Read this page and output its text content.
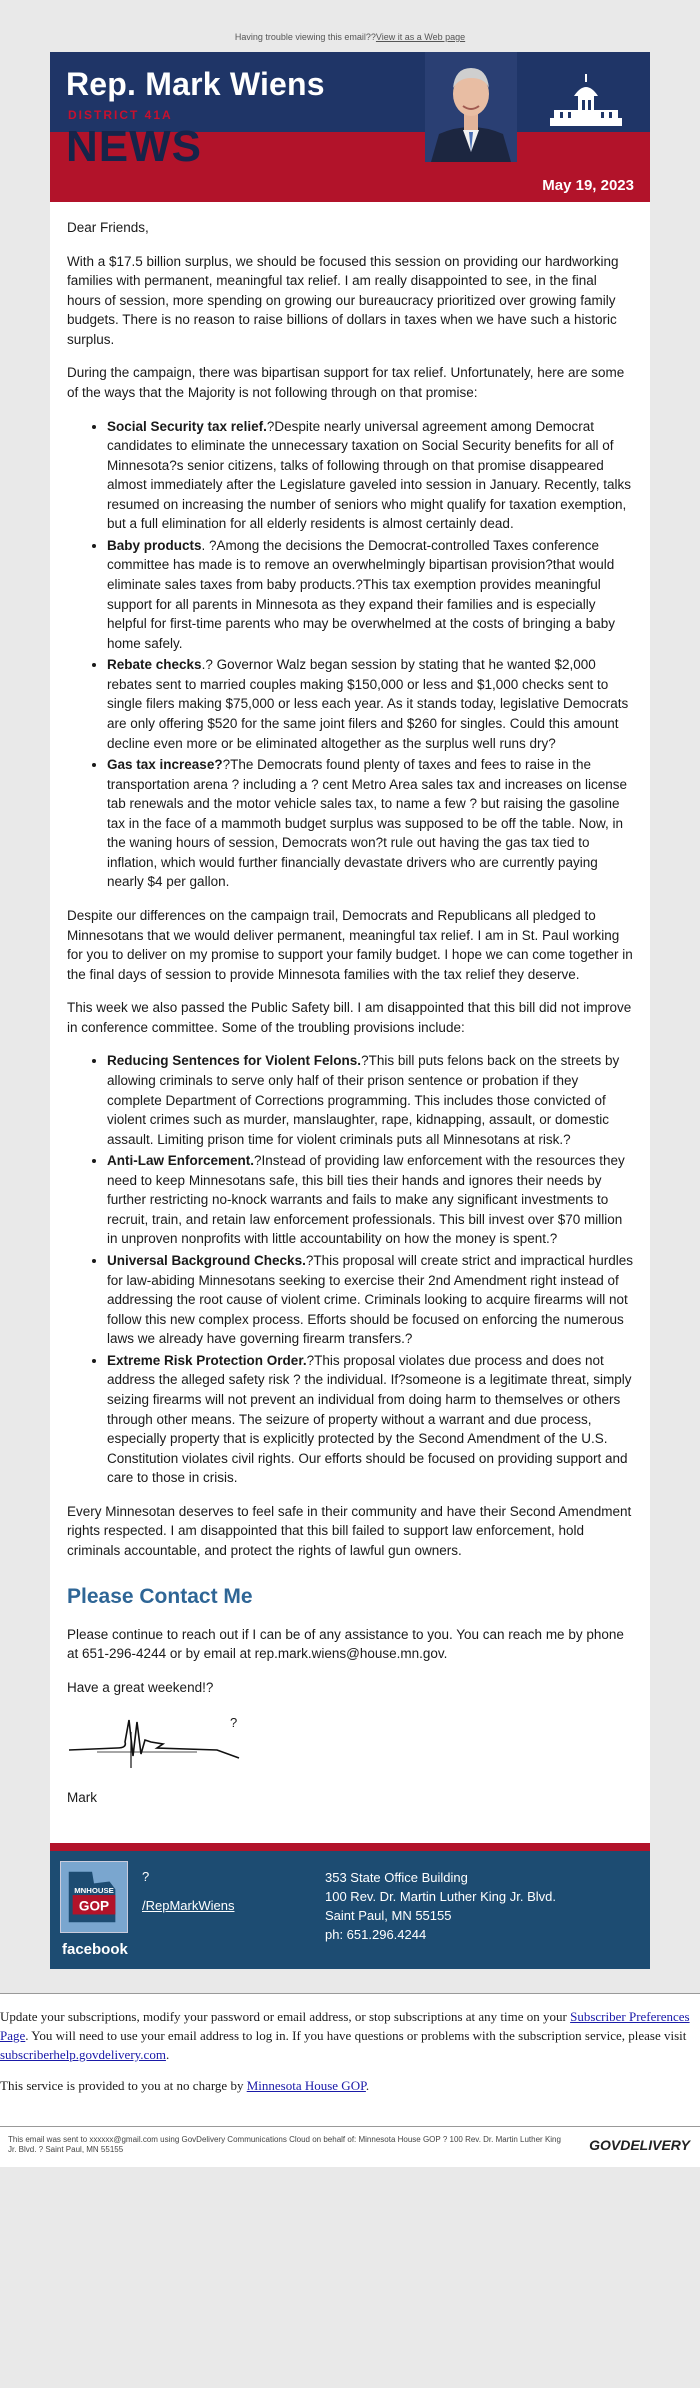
Having trouble viewing this email??View it as a Web page
Rep. Mark Wiens
DISTRICT 41A
NEWS
May 19, 2023

Dear Friends,

With a $17.5 billion surplus, we should be focused this session on providing our hardworking families with permanent, meaningful tax relief. I am really disappointed to see, in the final hours of session, more spending on growing our bureaucracy prioritized over growing family budgets. There is no reason to raise billions of dollars in taxes when we have such a historic surplus.

During the campaign, there was bipartisan support for tax relief. Unfortunately, here are some of the ways that the Majority is not following through on that promise:

• Social Security tax relief.?Despite nearly universal agreement among Democrat candidates to eliminate the unnecessary taxation on Social Security benefits for all of Minnesota?s senior citizens, talks of following through on that promise disappeared almost immediately after the Legislature gaveled into session in January. Recently, talks resumed on increasing the number of seniors who might qualify for taxation exemption, but a full elimination for all elderly residents is almost certainly dead.
• Baby products. ?Among the decisions the Democrat-controlled Taxes conference committee has made is to remove an overwhelmingly bipartisan provision?that would eliminate sales taxes from baby products.?This tax exemption provides meaningful support for all parents in Minnesota as they expand their families and is especially helpful for first-time parents who may be overwhelmed at the costs of bringing a baby home safely.
• Rebate checks.? Governor Walz began session by stating that he wanted $2,000 rebates sent to married couples making $150,000 or less and $1,000 checks sent to single filers making $75,000 or less each year. As it stands today, legislative Democrats are only offering $520 for the same joint filers and $260 for singles. Could this amount decline even more or be eliminated altogether as the surplus well runs dry?
• Gas tax increase??The Democrats found plenty of taxes and fees to raise in the transportation arena ? including a ? cent Metro Area sales tax and increases on license tab renewals and the motor vehicle sales tax, to name a few ? but raising the gasoline tax in the face of a mammoth budget surplus was supposed to be off the table. Now, in the waning hours of session, Democrats won?t rule out having the gas tax tied to inflation, which would further financially devastate drivers who are currently paying nearly $4 per gallon.

Despite our differences on the campaign trail, Democrats and Republicans all pledged to Minnesotans that we would deliver permanent, meaningful tax relief. I am in St. Paul working for you to deliver on my promise to support your family budget. I hope we can come together in the final days of session to provide Minnesota families with the tax relief they deserve.

This week we also passed the Public Safety bill. I am disappointed that this bill did not improve in conference committee. Some of the troubling provisions include:

• Reducing Sentences for Violent Felons.?This bill puts felons back on the streets by allowing criminals to serve only half of their prison sentence or probation if they complete Department of Corrections programming. This includes those convicted of violent crimes such as murder, manslaughter, rape, kidnapping, assault, or domestic assault. Limiting prison time for violent criminals puts all Minnesotans at risk.?
• Anti-Law Enforcement.?Instead of providing law enforcement with the resources they need to keep Minnesotans safe, this bill ties their hands and ignores their needs by further restricting no-knock warrants and fails to make any significant investments to recruit, train, and retain law enforcement professionals. This bill invest over $70 million in unproven nonprofits with little accountability on how the money is spent.?
• Universal Background Checks.?This proposal will create strict and impractical hurdles for law-abiding Minnesotans seeking to exercise their 2nd Amendment right instead of addressing the root cause of violent crime. Criminals looking to acquire firearms will not follow this new complex process. Efforts should be focused on enforcing the numerous laws we already have governing firearm transfers.?
• Extreme Risk Protection Order.?This proposal violates due process and does not address the alleged safety risk ? the individual. If?someone is a legitimate threat, simply seizing firearms will not prevent an individual from doing harm to themselves or others through other means. The seizure of property without a warrant and due process, especially property that is explicitly protected by the Second Amendment of the U.S. Constitution violates civil rights. Our efforts should be focused on providing support and care to those in crisis.

Every Minnesotan deserves to feel safe in their community and have their Second Amendment rights respected. I am disappointed that this bill failed to support law enforcement, hold criminals accountable, and protect the rights of lawful gun owners.

Please Contact Me

Please continue to reach out if I can be of any assistance to you. You can reach me by phone at 651-296-4244 or by email at rep.mark.wiens@house.mn.gov.

Have a great weekend!?

?

Mark

MNHOUSE
GOP
facebook
?
/RepMarkWiens
353 State Office Building
100 Rev. Dr. Martin Luther King Jr. Blvd.
Saint Paul, MN 55155
ph: 651.296.4244

Update your subscriptions, modify your password or email address, or stop subscriptions at any time on your Subscriber Preferences Page. You will need to use your email address to log in. If you have questions or problems with the subscription service, please visit subscriberhelp.govdelivery.com.

This service is provided to you at no charge by Minnesota House GOP.

This email was sent to xxxxxx@gmail.com using GovDelivery Communications Cloud on behalf of: Minnesota House GOP ? 100 Rev. Dr. Martin Luther King Jr. Blvd. ? Saint Paul, MN 55155	GOVDELIVERY
